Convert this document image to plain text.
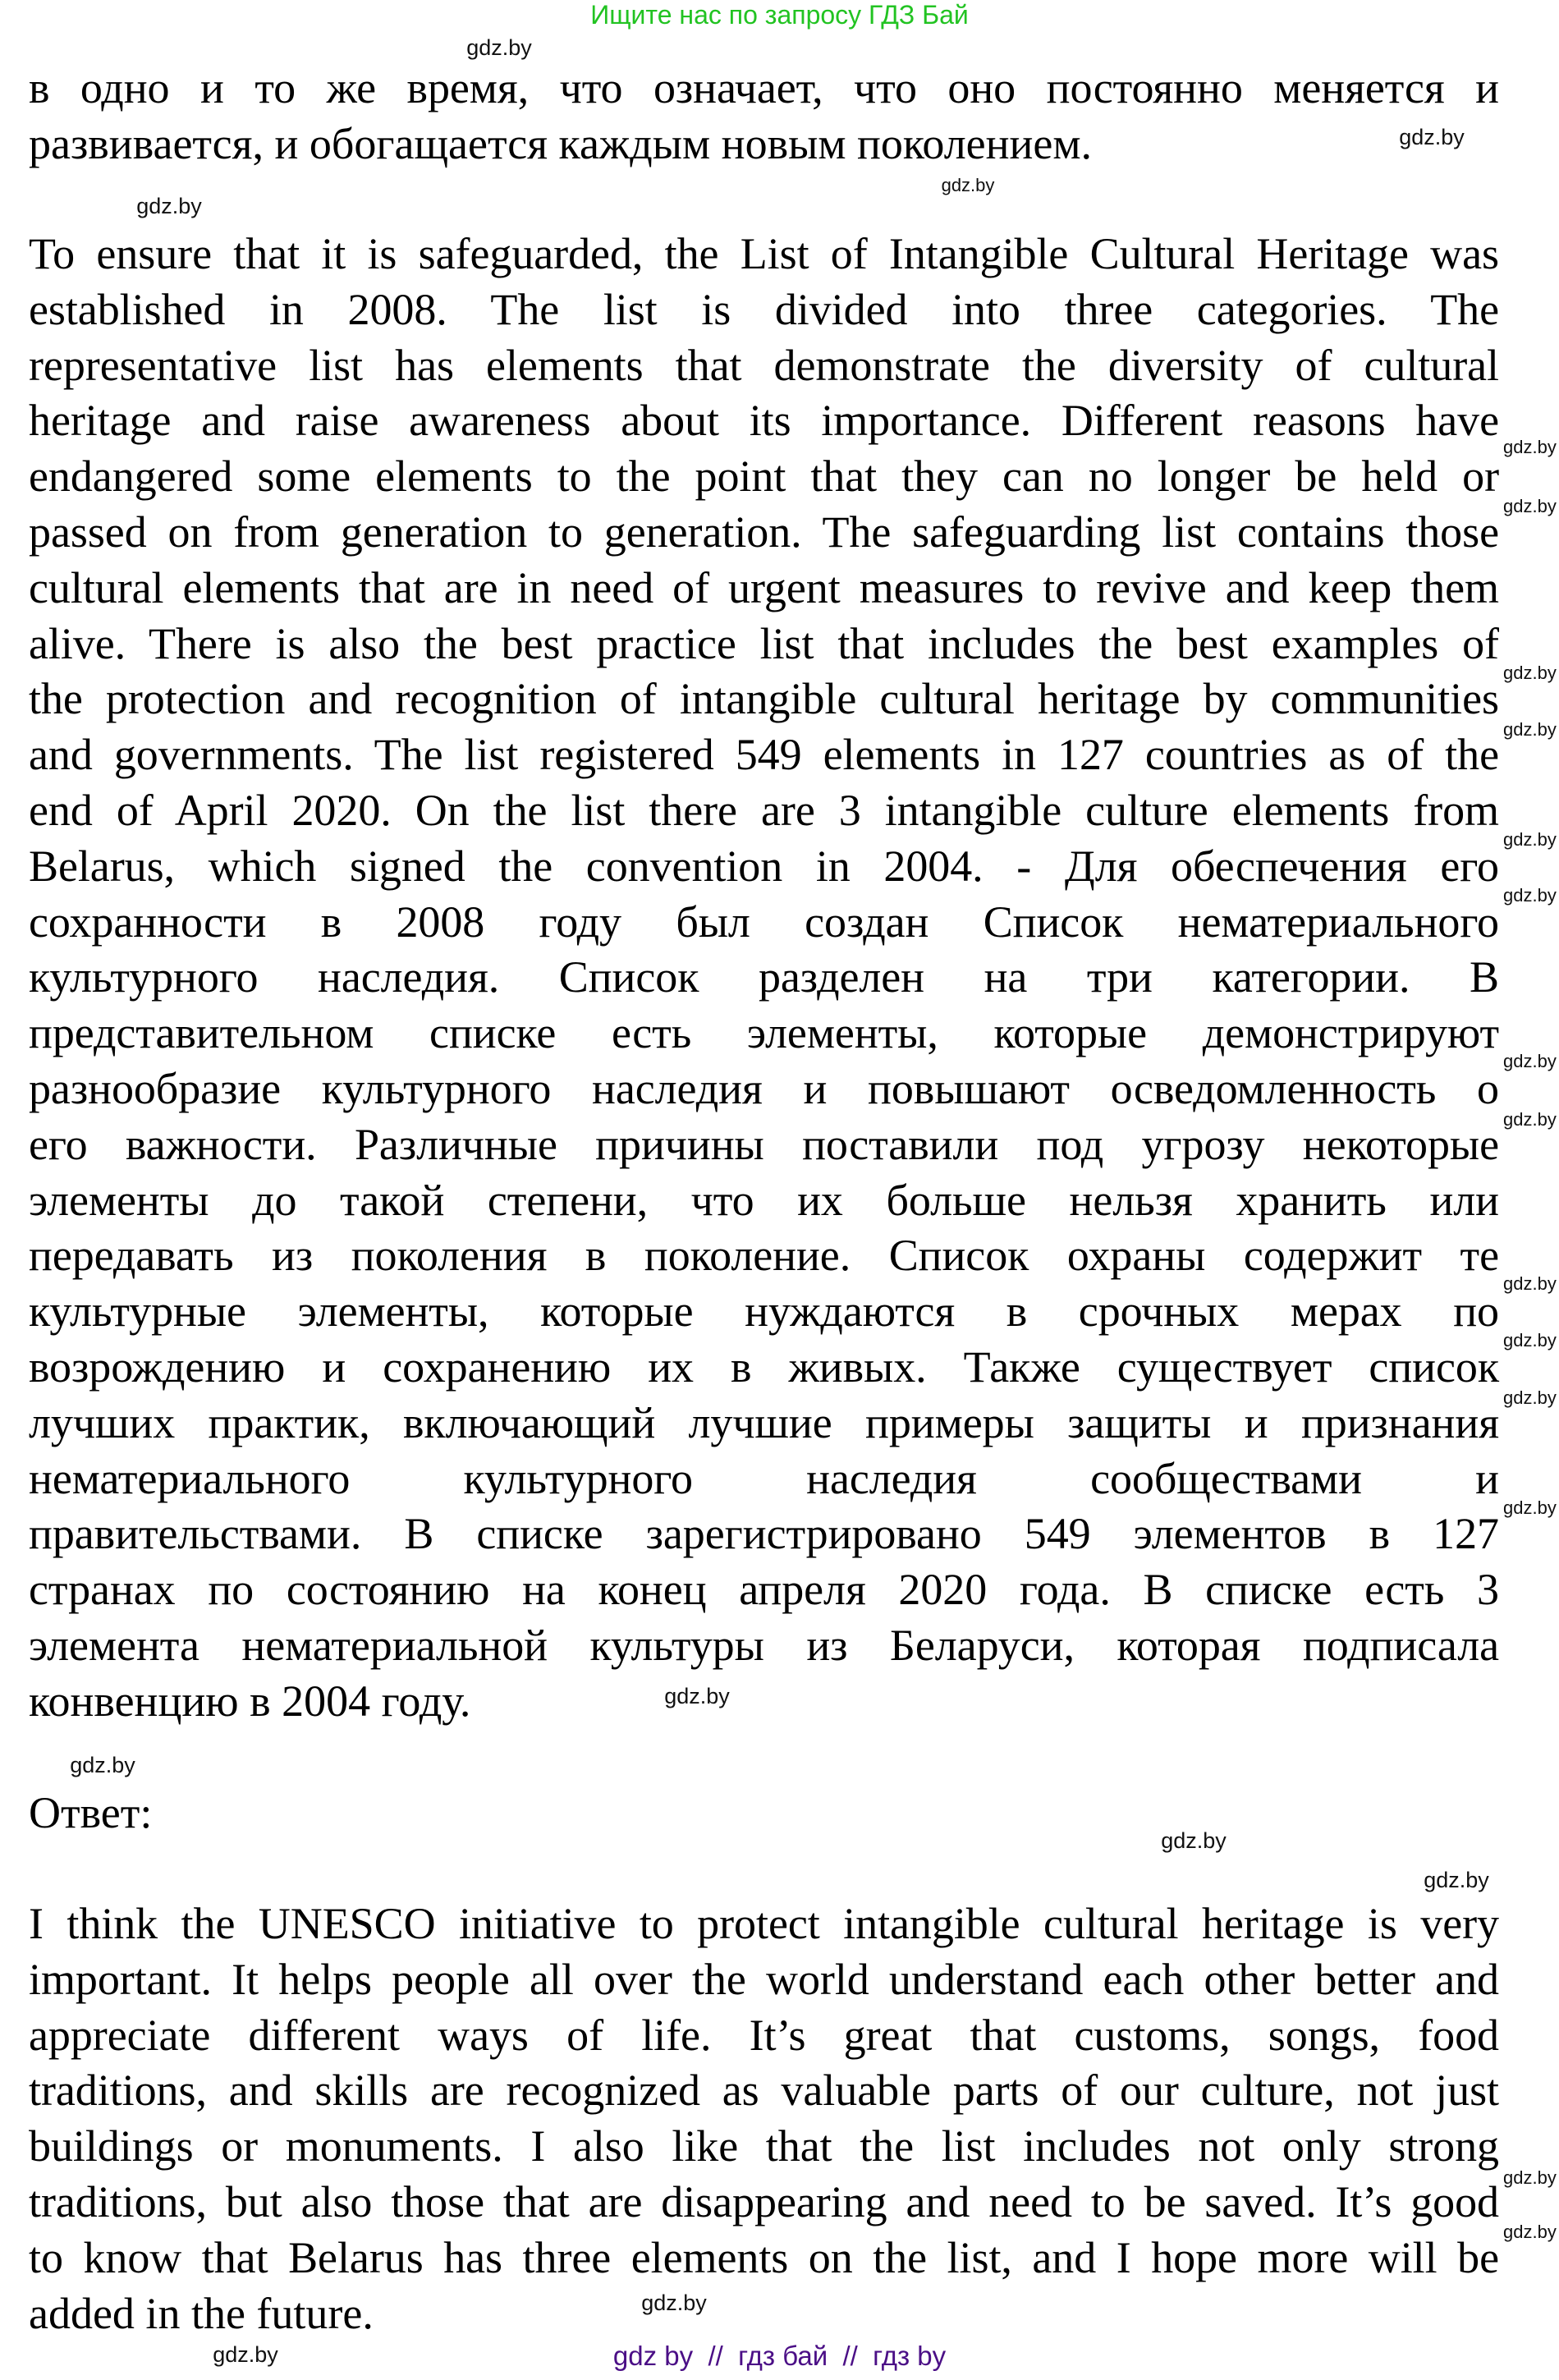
Ищите нас по запросу ГДЗ Бай
в одно и то же время, что означает, что оно постоянно меняется и
развивается, и обогащается каждым новым поколением.
To ensure that it is safeguarded, the List of Intangible Cultural Heritage was
established in 2008. The list is divided into three categories. The
representative list has elements that demonstrate the diversity of cultural
heritage and raise awareness about its importance. Different reasons have
endangered some elements to the point that they can no longer be held or
passed on from generation to generation. The safeguarding list contains those
cultural elements that are in need of urgent measures to revive and keep them
alive. There is also the best practice list that includes the best examples of
the protection and recognition of intangible cultural heritage by communities
and governments. The list registered 549 elements in 127 countries as of the
end of April 2020. On the list there are 3 intangible culture elements from
Belarus, which signed the convention in 2004. - Для обеспечения его
сохранности в 2008 году был создан Список нематериального
культурного наследия. Список разделен на три категории. В
представительном списке есть элементы, которые демонстрируют
разнообразие культурного наследия и повышают осведомленность о
его важности. Различные причины поставили под угрозу некоторые
элементы до такой степени, что их больше нельзя хранить или
передавать из поколения в поколение. Список охраны содержит те
культурные элементы, которые нуждаются в срочных мерах по
возрождению и сохранению их в живых. Также существует список
лучших практик, включающий лучшие примеры защиты и признания
нематериального культурного наследия сообществами и
правительствами. В списке зарегистрировано 549 элементов в 127
странах по состоянию на конец апреля 2020 года. В списке есть 3
элемента нематериальной культуры из Беларуси, которая подписала
конвенцию в 2004 году.
Ответ:
I think the UNESCO initiative to protect intangible cultural heritage is very
important. It helps people all over the world understand each other better and
appreciate different ways of life. It’s great that customs, songs, food
traditions, and skills are recognized as valuable parts of our culture, not just
buildings or monuments. I also like that the list includes not only strong
traditions, but also those that are disappearing and need to be saved. It’s good
to know that Belarus has three elements on the list, and I hope more will be
added in the future.
gdz.by
gdz.by
gdz.by
gdz.by
gdz.by
gdz.by
gdz.by
gdz.by
gdz.by
gdz.by
gdz.by
gdz.by
gdz.by
gdz.by
gdz.by
gdz.by
gdz.by
gdz.by
gdz.by
gdz.by
gdz.by
gdz.by
gdz.by
gdz.by	gdz by  //  гдз бай  //  гдз by
